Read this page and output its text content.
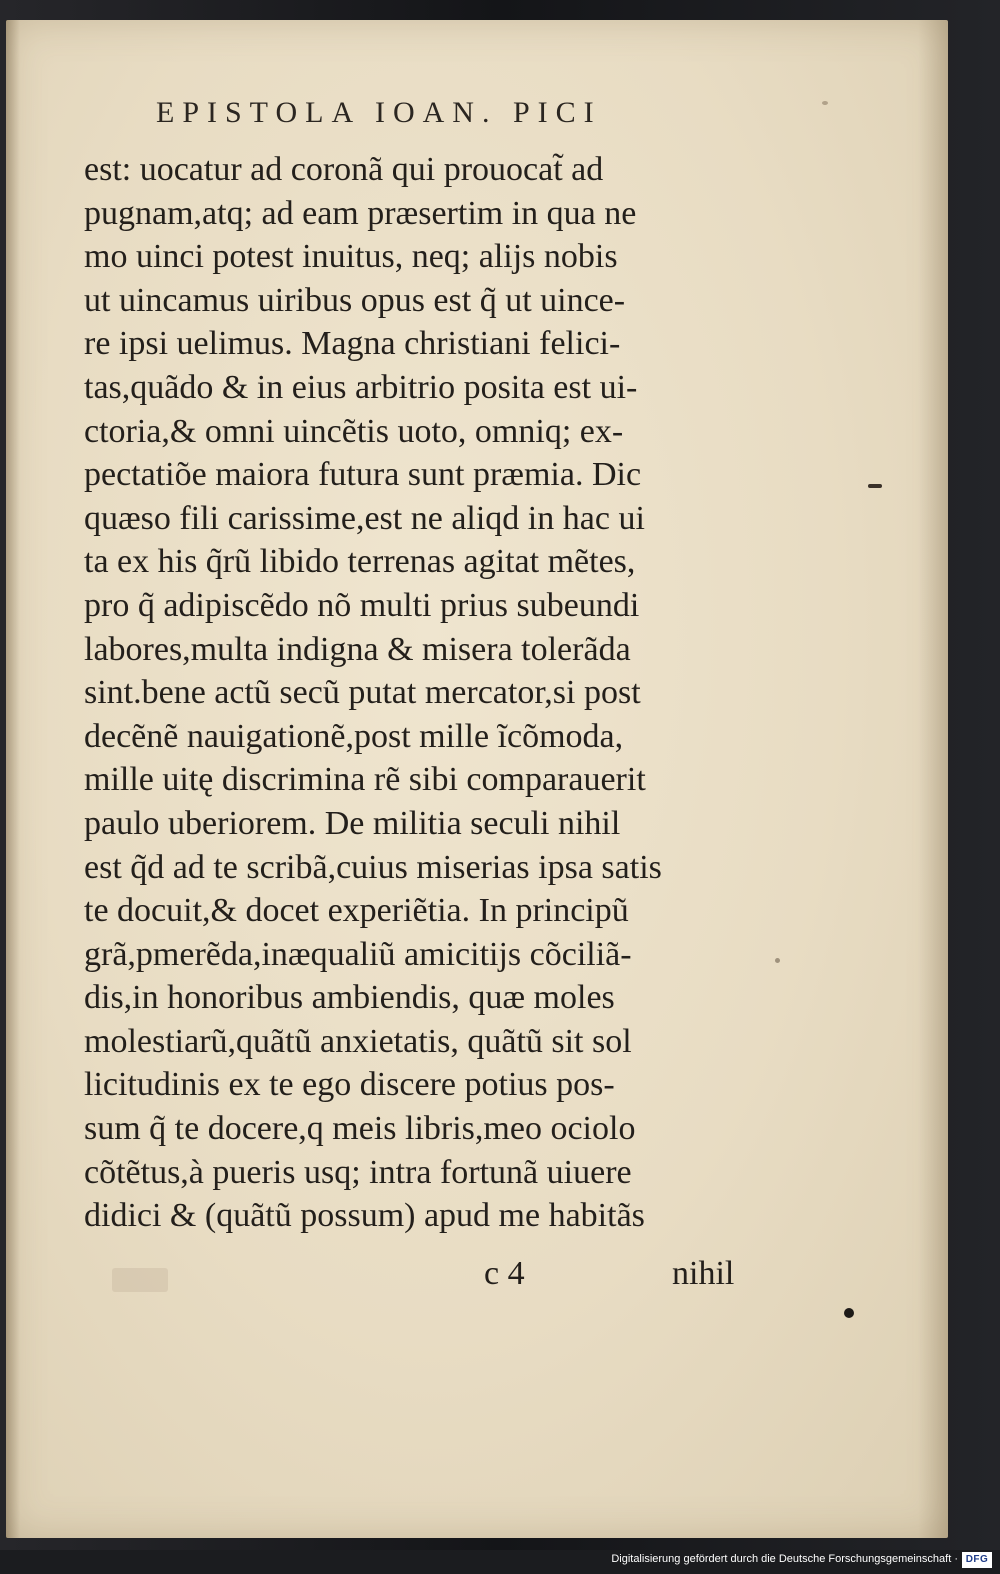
EPISTOLA IOAN. PICI
est: uocatur ad coronã qui prouocat̃ ad
pugnam,atq; ad eam præsertim in qua ne
mo uinci potest inuitus, neq; alijs nobis
ut uincamus uiribus opus est q̃ ut uince-
re ipsi uelimus. Magna christiani felici-
tas,quãdo & in eius arbitrio posita est ui-
ctoria,& omni uincẽtis uoto, omniq; ex-
pectatiõe maiora futura sunt præmia. Dic
quæso fili carissime,est ne aliqd in hac ui
ta ex his q̃rũ libido terrenas agitat mẽtes,
pro q̃ adipiscẽdo nõ multi prius subeundi
labores,multa indigna & misera tolerãda
sint.bene actũ secũ putat mercator,si post
decẽnẽ nauigationẽ,post mille ĩcõmoda,
mille uitę discrimina rẽ sibi comparauerit
paulo uberiorem. De militia seculi nihil
est q̃d ad te scribã,cuius miserias ipsa satis
te docuit,& docet experiẽtia. In principũ
grã,pmerẽda,inæqualiũ amicitijs cõciliã-
dis,in honoribus ambiendis, quæ moles
molestiarũ,quãtũ anxietatis, quãtũ sit sol
licitudinis ex te ego discere potius pos-
sum q̃ te docere,q meis libris,meo ociolo
cõtẽtus,à pueris usq; intra fortunã uiuere
didici & (quãtũ possum) apud me habitãs
c 4	nihil
Digitalisierung gefördert durch die Deutsche Forschungsgemeinschaft · DFG
